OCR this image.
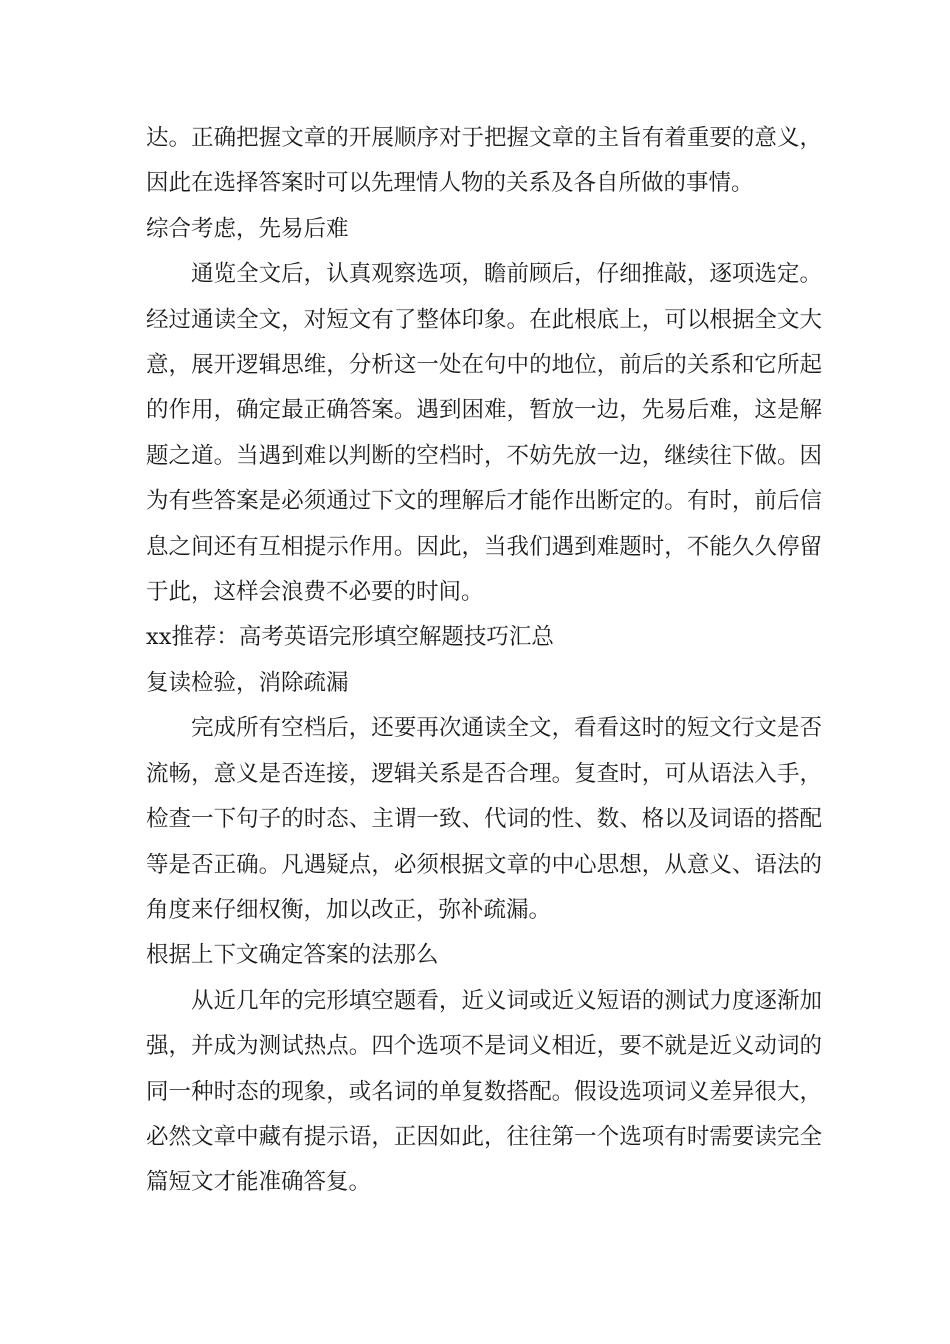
达。正确把握文章的开展顺序对于把握文章的主旨有着重要的意义，因此在选择答案时可以先理情人物的关系及各自所做的事情。

综合考虑，先易后难

通览全文后，认真观察选项，瞻前顾后，仔细推敲，逐项选定。经过通读全文，对短文有了整体印象。在此根底上，可以根据全文大意，展开逻辑思维，分析这一处在句中的地位，前后的关系和它所起的作用，确定最正确答案。遇到困难，暂放一边，先易后难，这是解题之道。当遇到难以判断的空档时，不妨先放一边，继续往下做。因为有些答案是必须通过下文的理解后才能作出断定的。有时，前后信息之间还有互相提示作用。因此，当我们遇到难题时，不能久久停留于此，这样会浪费不必要的时间。

xx推荐：高考英语完形填空解题技巧汇总

复读检验，消除疏漏

完成所有空档后，还要再次通读全文，看看这时的短文行文是否流畅，意义是否连接，逻辑关系是否合理。复查时，可从语法入手，检查一下句子的时态、主谓一致、代词的性、数、格以及词语的搭配等是否正确。凡遇疑点，必须根据文章的中心思想，从意义、语法的角度来仔细权衡，加以改正，弥补疏漏。

根据上下文确定答案的法那么

从近几年的完形填空题看，近义词或近义短语的测试力度逐渐加强，并成为测试热点。四个选项不是词义相近，要不就是近义动词的同一种时态的现象，或名词的单复数搭配。假设选项词义差异很大，必然文章中藏有提示语，正因如此，往往第一个选项有时需要读完全篇短文才能准确答复。
